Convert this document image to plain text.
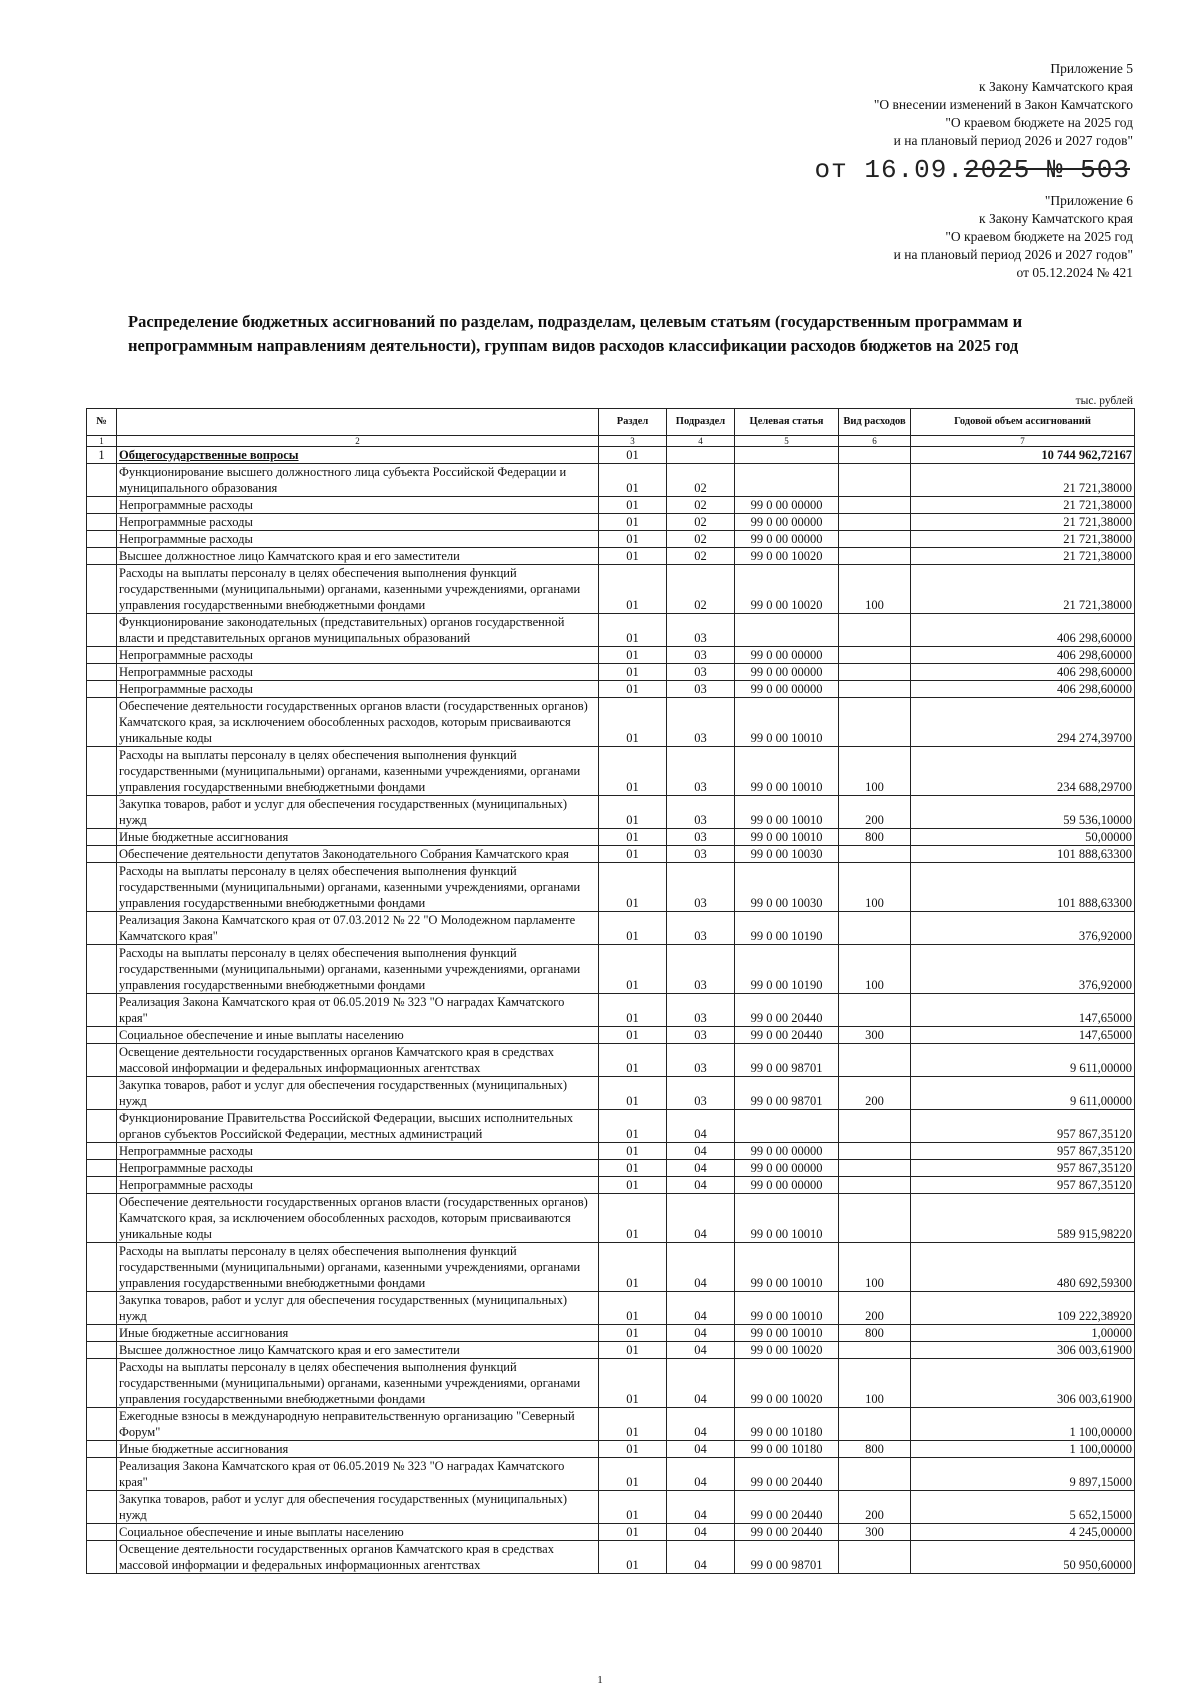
Приложение 5
к Закону Камчатского края
"О внесении изменений в Закон Камчатского
"О краевом бюджете на 2025 год
и на плановый период 2026 и 2027 годов"
от 16.09.2025 № 503
"Приложение 6
к Закону Камчатского края
"О краевом бюджете на 2025 год
и на плановый период 2026 и 2027 годов"
от 05.12.2024 № 421
Распределение бюджетных ассигнований по разделам, подразделам, целевым статьям (государственным программам и непрограммным направлениям деятельности), группам видов расходов классификации расходов бюджетов на 2025 год
тыс. рублей
№		Раздел	Подраздел	Целевая статья	Вид расходов	Годовой объем ассигнований
1	2	3	4	5	6	7
1	Общегосударственные вопросы	01				10 744 962,72167
	Функционирование высшего должностного лица субъекта Российской Федерации и муниципального образования	01	02			21 721,38000
	Непрограммные расходы	01	02	99 0 00 00000		21 721,38000
	Непрограммные расходы	01	02	99 0 00 00000		21 721,38000
	Непрограммные расходы	01	02	99 0 00 00000		21 721,38000
	Высшее должностное лицо Камчатского края и его заместители	01	02	99 0 00 10020		21 721,38000
	Расходы на выплаты персоналу в целях обеспечения выполнения функций государственными (муниципальными) органами, казенными учреждениями, органами управления государственными внебюджетными фондами	01	02	99 0 00 10020	100	21 721,38000
	Функционирование законодательных (представительных) органов государственной власти и представительных органов муниципальных образований	01	03			406 298,60000
	Непрограммные расходы	01	03	99 0 00 00000		406 298,60000
	Непрограммные расходы	01	03	99 0 00 00000		406 298,60000
	Непрограммные расходы	01	03	99 0 00 00000		406 298,60000
	Обеспечение деятельности государственных органов власти (государственных органов) Камчатского края, за исключением обособленных расходов, которым присваиваются уникальные коды	01	03	99 0 00 10010		294 274,39700
	Расходы на выплаты персоналу в целях обеспечения выполнения функций государственными (муниципальными) органами, казенными учреждениями, органами управления государственными внебюджетными фондами	01	03	99 0 00 10010	100	234 688,29700
	Закупка товаров, работ и услуг для обеспечения государственных (муниципальных) нужд	01	03	99 0 00 10010	200	59 536,10000
	Иные бюджетные ассигнования	01	03	99 0 00 10010	800	50,00000
	Обеспечение деятельности депутатов Законодательного Собрания Камчатского края	01	03	99 0 00 10030		101 888,63300
	Расходы на выплаты персоналу в целях обеспечения выполнения функций государственными (муниципальными) органами, казенными учреждениями, органами управления государственными внебюджетными фондами	01	03	99 0 00 10030	100	101 888,63300
	Реализация Закона Камчатского края от 07.03.2012 № 22 "О Молодежном парламенте Камчатского края"	01	03	99 0 00 10190		376,92000
	Расходы на выплаты персоналу в целях обеспечения выполнения функций государственными (муниципальными) органами, казенными учреждениями, органами управления государственными внебюджетными фондами	01	03	99 0 00 10190	100	376,92000
	Реализация Закона Камчатского края от 06.05.2019 № 323 "О наградах Камчатского края"	01	03	99 0 00 20440		147,65000
	Социальное обеспечение и иные выплаты населению	01	03	99 0 00 20440	300	147,65000
	Освещение деятельности государственных органов Камчатского края в средствах массовой информации и федеральных информационных агентствах	01	03	99 0 00 98701		9 611,00000
	Закупка товаров, работ и услуг для обеспечения государственных (муниципальных) нужд	01	03	99 0 00 98701	200	9 611,00000
	Функционирование Правительства Российской Федерации, высших исполнительных органов субъектов Российской Федерации, местных администраций	01	04			957 867,35120
	Непрограммные расходы	01	04	99 0 00 00000		957 867,35120
	Непрограммные расходы	01	04	99 0 00 00000		957 867,35120
	Непрограммные расходы	01	04	99 0 00 00000		957 867,35120
	Обеспечение деятельности государственных органов власти (государственных органов) Камчатского края, за исключением обособленных расходов, которым присваиваются уникальные коды	01	04	99 0 00 10010		589 915,98220
	Расходы на выплаты персоналу в целях обеспечения выполнения функций государственными (муниципальными) органами, казенными учреждениями, органами управления государственными внебюджетными фондами	01	04	99 0 00 10010	100	480 692,59300
	Закупка товаров, работ и услуг для обеспечения государственных (муниципальных) нужд	01	04	99 0 00 10010	200	109 222,38920
	Иные бюджетные ассигнования	01	04	99 0 00 10010	800	1,00000
	Высшее должностное лицо Камчатского края и его заместители	01	04	99 0 00 10020		306 003,61900
	Расходы на выплаты персоналу в целях обеспечения выполнения функций государственными (муниципальными) органами, казенными учреждениями, органами управления государственными внебюджетными фондами	01	04	99 0 00 10020	100	306 003,61900
	Ежегодные взносы в международную неправительственную организацию "Северный Форум"	01	04	99 0 00 10180		1 100,00000
	Иные бюджетные ассигнования	01	04	99 0 00 10180	800	1 100,00000
	Реализация Закона Камчатского края от 06.05.2019 № 323 "О наградах Камчатского края"	01	04	99 0 00 20440		9 897,15000
	Закупка товаров, работ и услуг для обеспечения государственных (муниципальных) нужд	01	04	99 0 00 20440	200	5 652,15000
	Социальное обеспечение и иные выплаты населению	01	04	99 0 00 20440	300	4 245,00000
	Освещение деятельности государственных органов Камчатского края в средствах массовой информации и федеральных информационных агентствах	01	04	99 0 00 98701		50 950,60000
1
